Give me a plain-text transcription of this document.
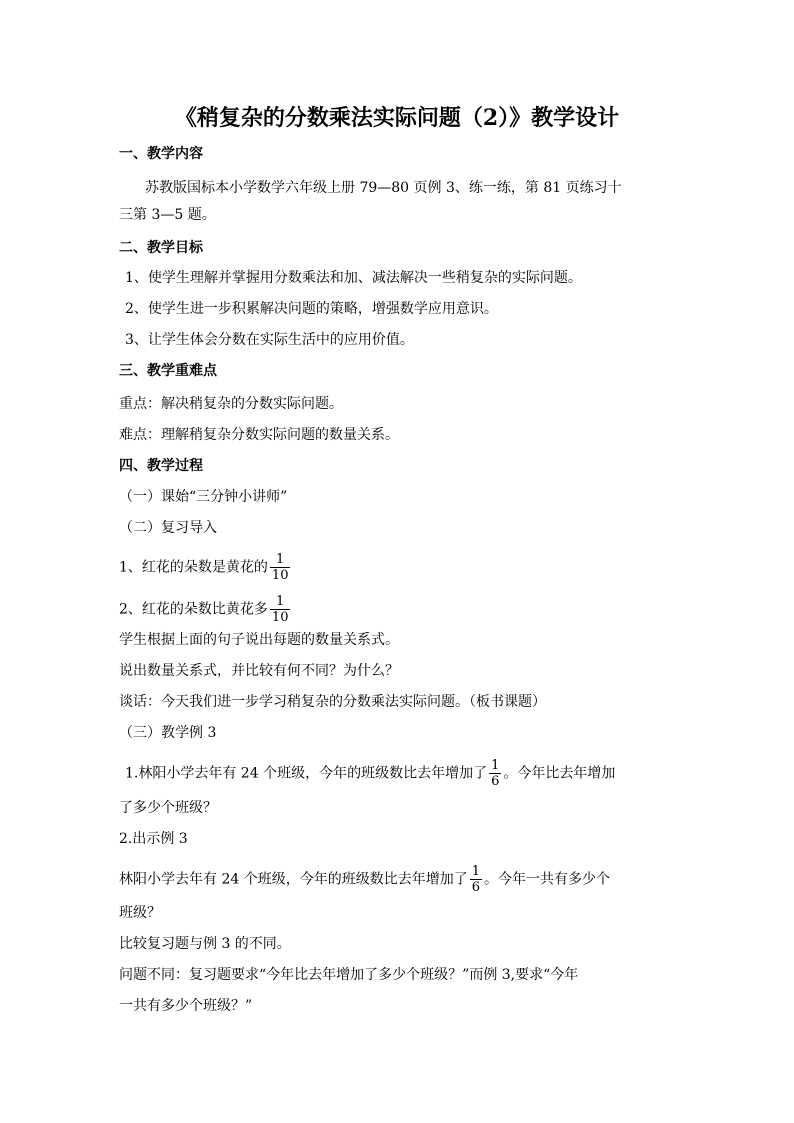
《稍复杂的分数乘法实际问题（2）》教学设计
一、教学内容
苏教版国标本小学数学六年级上册 79—80 页例 3、练一练，第 81 页练习十
三第 3—5 题。
二、教学目标
1、使学生理解并掌握用分数乘法和加、减法解决一些稍复杂的实际问题。
2、使学生进一步积累解决问题的策略，增强数学应用意识。
3、让学生体会分数在实际生活中的应用价值。
三、教学重难点
重点：解决稍复杂的分数实际问题。
难点：理解稍复杂分数实际问题的数量关系。
四、教学过程
（一）课始“三分钟小讲师”
（二）复习导入
1、红花的朵数是黄花的 $\frac{1}{10}$
2、红花的朵数比黄花多 $\frac{1}{10}$
学生根据上面的句子说出每题的数量关系式。
说出数量关系式，并比较有何不同？为什么？
谈话：今天我们进一步学习稍复杂的分数乘法实际问题。（板书课题）
（三）教学例 3
1.林阳小学去年有 24 个班级，今年的班级数比去年增加了 $\frac{1}{6}$ 。今年比去年增加
了多少个班级？
2.出示例 3
林阳小学去年有 24 个班级，今年的班级数比去年增加了 $\frac{1}{6}$ 。今年一共有多少个
班级？
比较复习题与例 3 的不同。
问题不同：复习题要求“今年比去年增加了多少个班级？”而例 3,要求“今年
一共有多少个班级？”
